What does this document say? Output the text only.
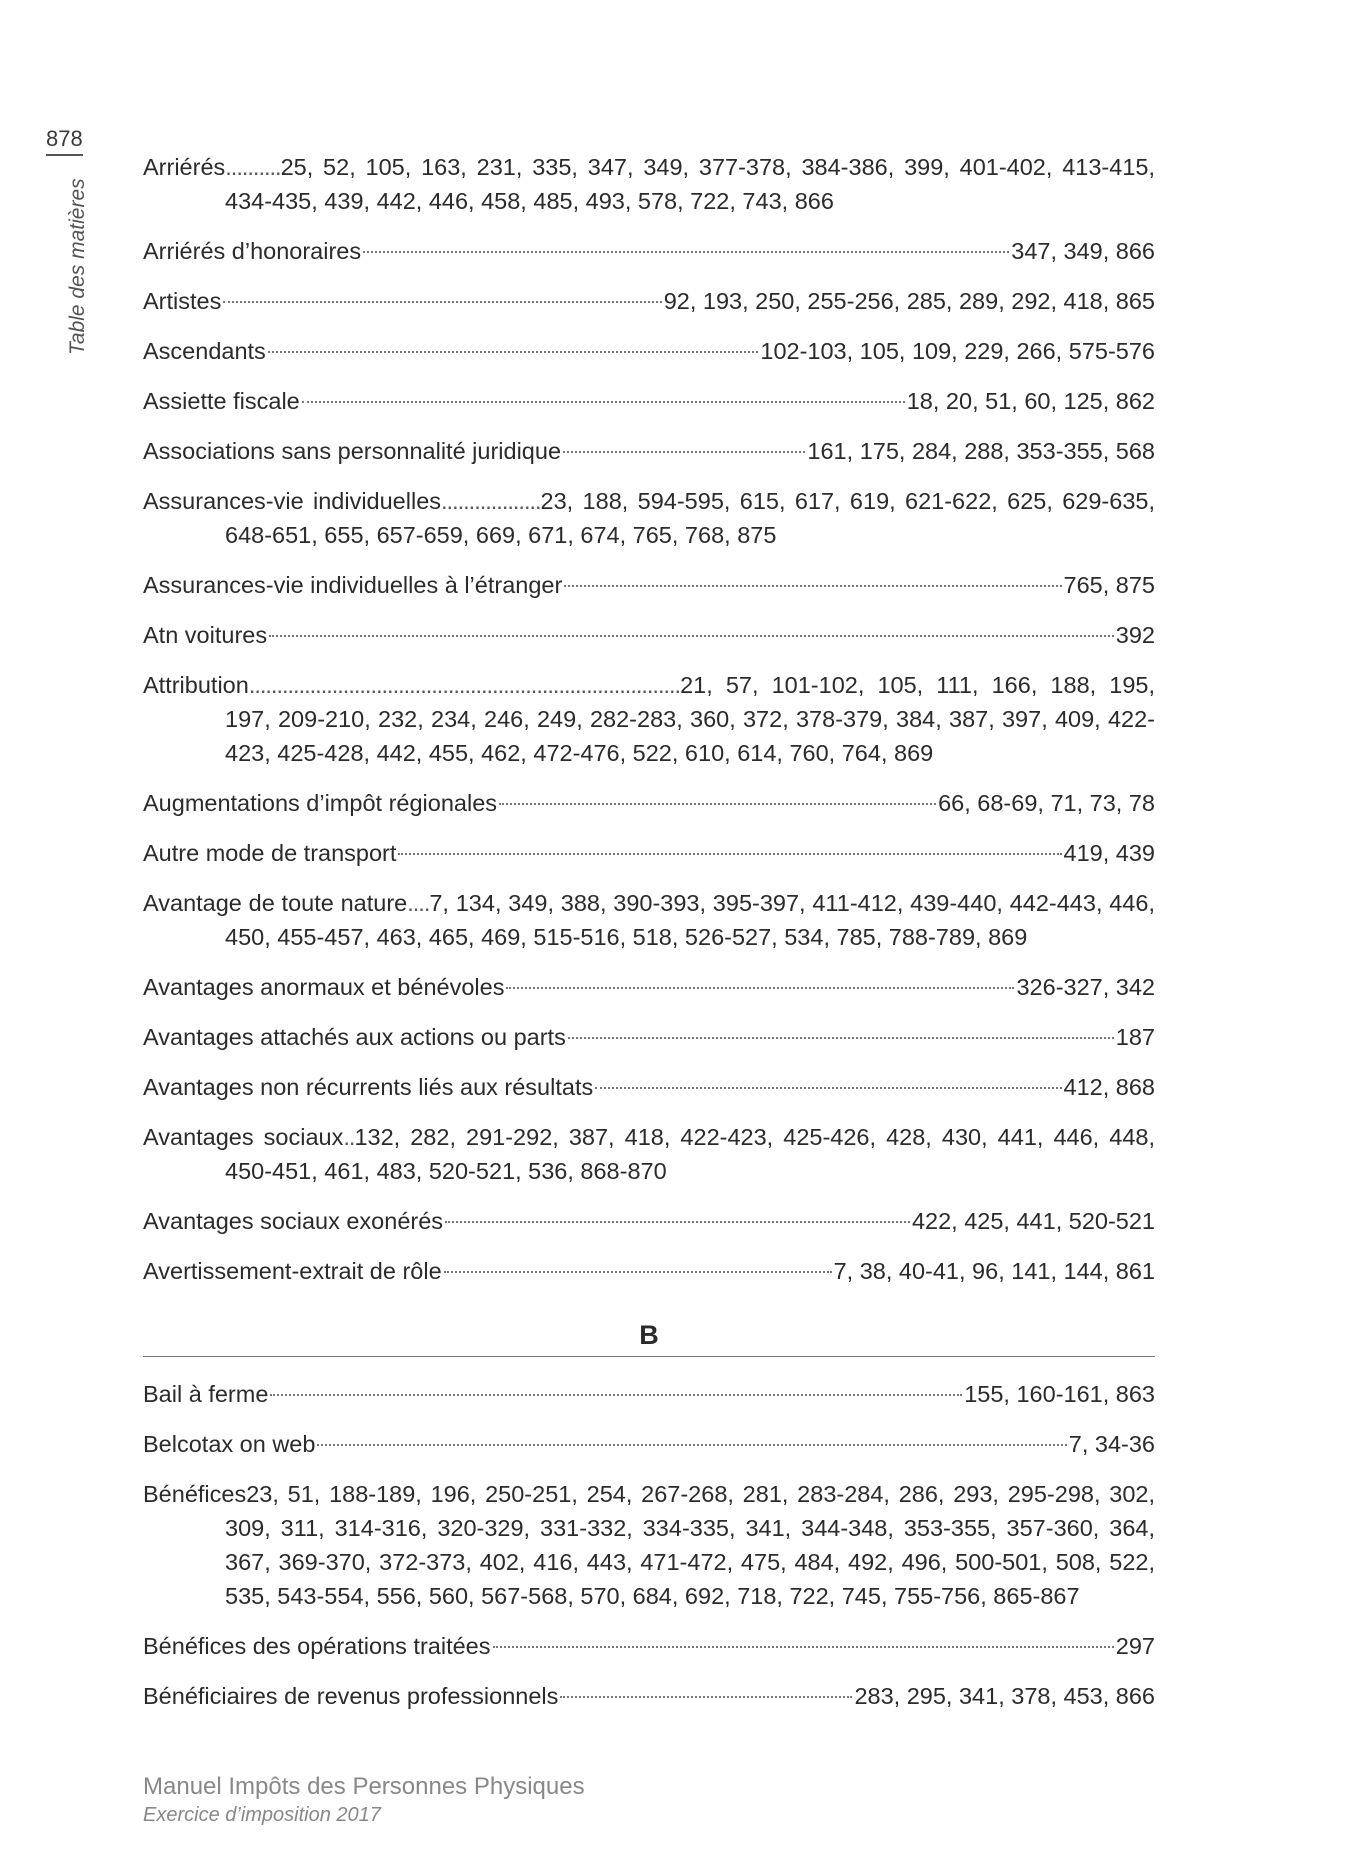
878
Table des matières
Arriérés..........25, 52, 105, 163, 231, 335, 347, 349, 377-378, 384-386, 399, 401-402, 413-415, 434-435, 439, 442, 446, 458, 485, 493, 578, 722, 743, 866
Arriérés d’honoraires	347, 349, 866
Artistes	92, 193, 250, 255-256, 285, 289, 292, 418, 865
Ascendants	102-103, 105, 109, 229, 266, 575-576
Assiette fiscale	18, 20, 51, 60, 125, 862
Associations sans personnalité juridique	161, 175, 284, 288, 353-355, 568
Assurances-vie individuelles..................23, 188, 594-595, 615, 617, 619, 621-622, 625, 629-635, 648-651, 655, 657-659, 669, 671, 674, 765, 768, 875
Assurances-vie individuelles à l’étranger	765, 875
Atn voitures	392
Attribution..............................................................................21, 57, 101-102, 105, 111, 166, 188, 195, 197, 209-210, 232, 234, 246, 249, 282-283, 360, 372, 378-379, 384, 387, 397, 409, 422-423, 425-428, 442, 455, 462, 472-476, 522, 610, 614, 760, 764, 869
Augmentations d’impôt régionales	66, 68-69, 71, 73, 78
Autre mode de transport	419, 439
Avantage de toute nature....7, 134, 349, 388, 390-393, 395-397, 411-412, 439-440, 442-443, 446, 450, 455-457, 463, 465, 469, 515-516, 518, 526-527, 534, 785, 788-789, 869
Avantages anormaux et bénévoles	326-327, 342
Avantages attachés aux actions ou parts	187
Avantages non récurrents liés aux résultats	412, 868
Avantages sociaux..132, 282, 291-292, 387, 418, 422-423, 425-426, 428, 430, 441, 446, 448, 450-451, 461, 483, 520-521, 536, 868-870
Avantages sociaux exonérés	422, 425, 441, 520-521
Avertissement-extrait de rôle	7, 38, 40-41, 96, 141, 144, 861
B
Bail à ferme	155, 160-161, 863
Belcotax on web	7, 34-36
Bénéfices23, 51, 188-189, 196, 250-251, 254, 267-268, 281, 283-284, 286, 293, 295-298, 302, 309, 311, 314-316, 320-329, 331-332, 334-335, 341, 344-348, 353-355, 357-360, 364, 367, 369-370, 372-373, 402, 416, 443, 471-472, 475, 484, 492, 496, 500-501, 508, 522, 535, 543-554, 556, 560, 567-568, 570, 684, 692, 718, 722, 745, 755-756, 865-867
Bénéfices des opérations traitées	297
Bénéficiaires de revenus professionnels	283, 295, 341, 378, 453, 866
Manuel Impôts des Personnes Physiques
Exercice d’imposition 2017
